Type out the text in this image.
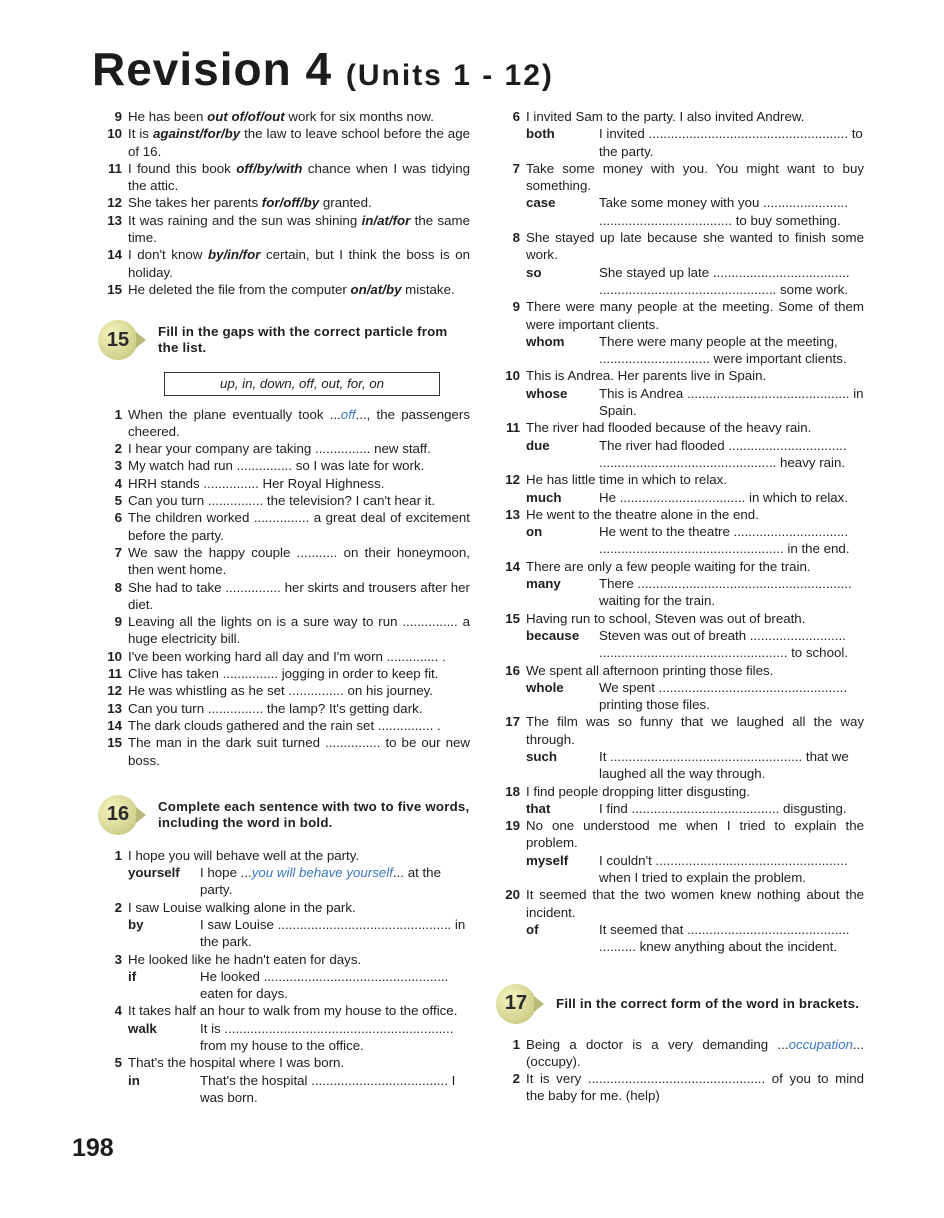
Revision 4 (Units 1 - 12)
9 He has been out of/of/out work for six months now.
10 It is against/for/by the law to leave school before the age of 16.
11 I found this book off/by/with chance when I was tidying the attic.
12 She takes her parents for/off/by granted.
13 It was raining and the sun was shining in/at/for the same time.
14 I don't know by/in/for certain, but I think the boss is on holiday.
15 He deleted the file from the computer on/at/by mistake.
15	Fill in the gaps with the correct particle from the list.
up, in, down, off, out, for, on
1 When the plane eventually took ...off..., the passengers cheered.
2 I hear your company are taking ............... new staff.
3 My watch had run ............... so I was late for work.
4 HRH stands ............... Her Royal Highness.
5 Can you turn ............... the television? I can't hear it.
6 The children worked ............... a great deal of excitement before the party.
7 We saw the happy couple ........... on their honeymoon, then went home.
8 She had to take ............... her skirts and trousers after her diet.
9 Leaving all the lights on is a sure way to run ............... a huge electricity bill.
10 I've been working hard all day and I'm worn .............. .
11 Clive has taken ............... jogging in order to keep fit.
12 He was whistling as he set ............... on his journey.
13 Can you turn ............... the lamp? It's getting dark.
14 The dark clouds gathered and the rain set ............... .
15 The man in the dark suit turned ............... to be our new boss.
16	Complete each sentence with two to five words, including the word in bold.
1 I hope you will behave well at the party.
yourself	I hope ...you will behave yourself... at the party.
2 I saw Louise walking alone in the park.
by	I saw Louise ............................................... in the park.
3 He looked like he hadn't eaten for days.
if	He looked .................................................. eaten for days.
4 It takes half an hour to walk from my house to the office.
walk	It is .............................................................. from my house to the office.
5 That's the hospital where I was born.
in	That's the hospital ..................................... I was born.
6 I invited Sam to the party. I also invited Andrew.
both	I invited ...................................................... to the party.
7 Take some money with you. You might want to buy something.
case	Take some money with you ....................... .................................... to buy something.
8 She stayed up late because she wanted to finish some work.
so	She stayed up late ..................................... ................................................ some work.
9 There were many people at the meeting. Some of them were important clients.
whom	There were many people at the meeting, .............................. were important clients.
10 This is Andrea. Her parents live in Spain.
whose	This is Andrea ............................................ in Spain.
11 The river had flooded because of the heavy rain.
due	The river had flooded ................................ ................................................ heavy rain.
12 He has little time in which to relax.
much	He .................................. in which to relax.
13 He went to the theatre alone in the end.
on	He went to the theatre ............................... .................................................. in the end.
14 There are only a few people waiting for the train.
many	There .......................................................... waiting for the train.
15 Having run to school, Steven was out of breath.
because	Steven was out of breath .......................... ................................................... to school.
16 We spent all afternoon printing those files.
whole	We spent ................................................... printing those files.
17 The film was so funny that we laughed all the way through.
such	It .................................................... that we laughed all the way through.
18 I find people dropping litter disgusting.
that	I find ........................................ disgusting.
19 No one understood me when I tried to explain the problem.
myself	I couldn't .................................................... when I tried to explain the problem.
20 It seemed that the two women knew nothing about the incident.
of	It seemed that ............................................ .......... knew anything about the incident.
17	Fill in the correct form of the word in brackets.
1 Being a doctor is a very demanding ...occupation... (occupy).
2 It is very ................................................ of you to mind the baby for me. (help)
198
